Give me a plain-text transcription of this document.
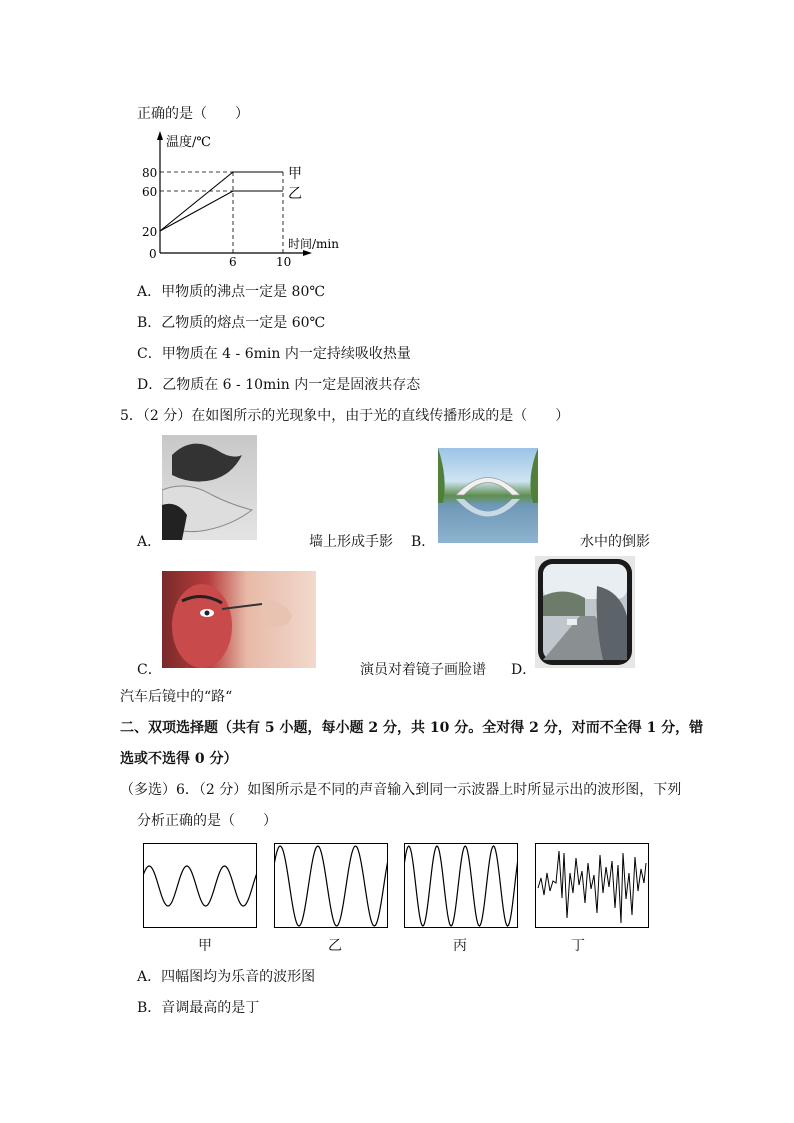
正确的是（　　）
温度/℃
时间/min
80
60
20
0
6	10
甲
乙
A．甲物质的沸点一定是 80℃
B．乙物质的熔点一定是 60℃
C．甲物质在 4 - 6min 内一定持续吸收热量
D．乙物质在 6 - 10min 内一定是固液共存态
5．（2 分）在如图所示的光现象中，由于光的直线传播形成的是（　　）
A．	墙上形成手影 B．	水中的倒影
C．	演员对着镜子画脸谱 D．
汽车后镜中的“路“
二、双项选择题（共有 5 小题，每小题 2 分，共 10 分。全对得 2 分，对而不全得 1 分，错
选或不选得 0 分）
（多选）6．（2 分）如图所示是不同的声音输入到同一示波器上时所显示出的波形图，下列
分析正确的是（　　）
甲	乙	丙	丁
A．四幅图均为乐音的波形图
B．音调最高的是丁
